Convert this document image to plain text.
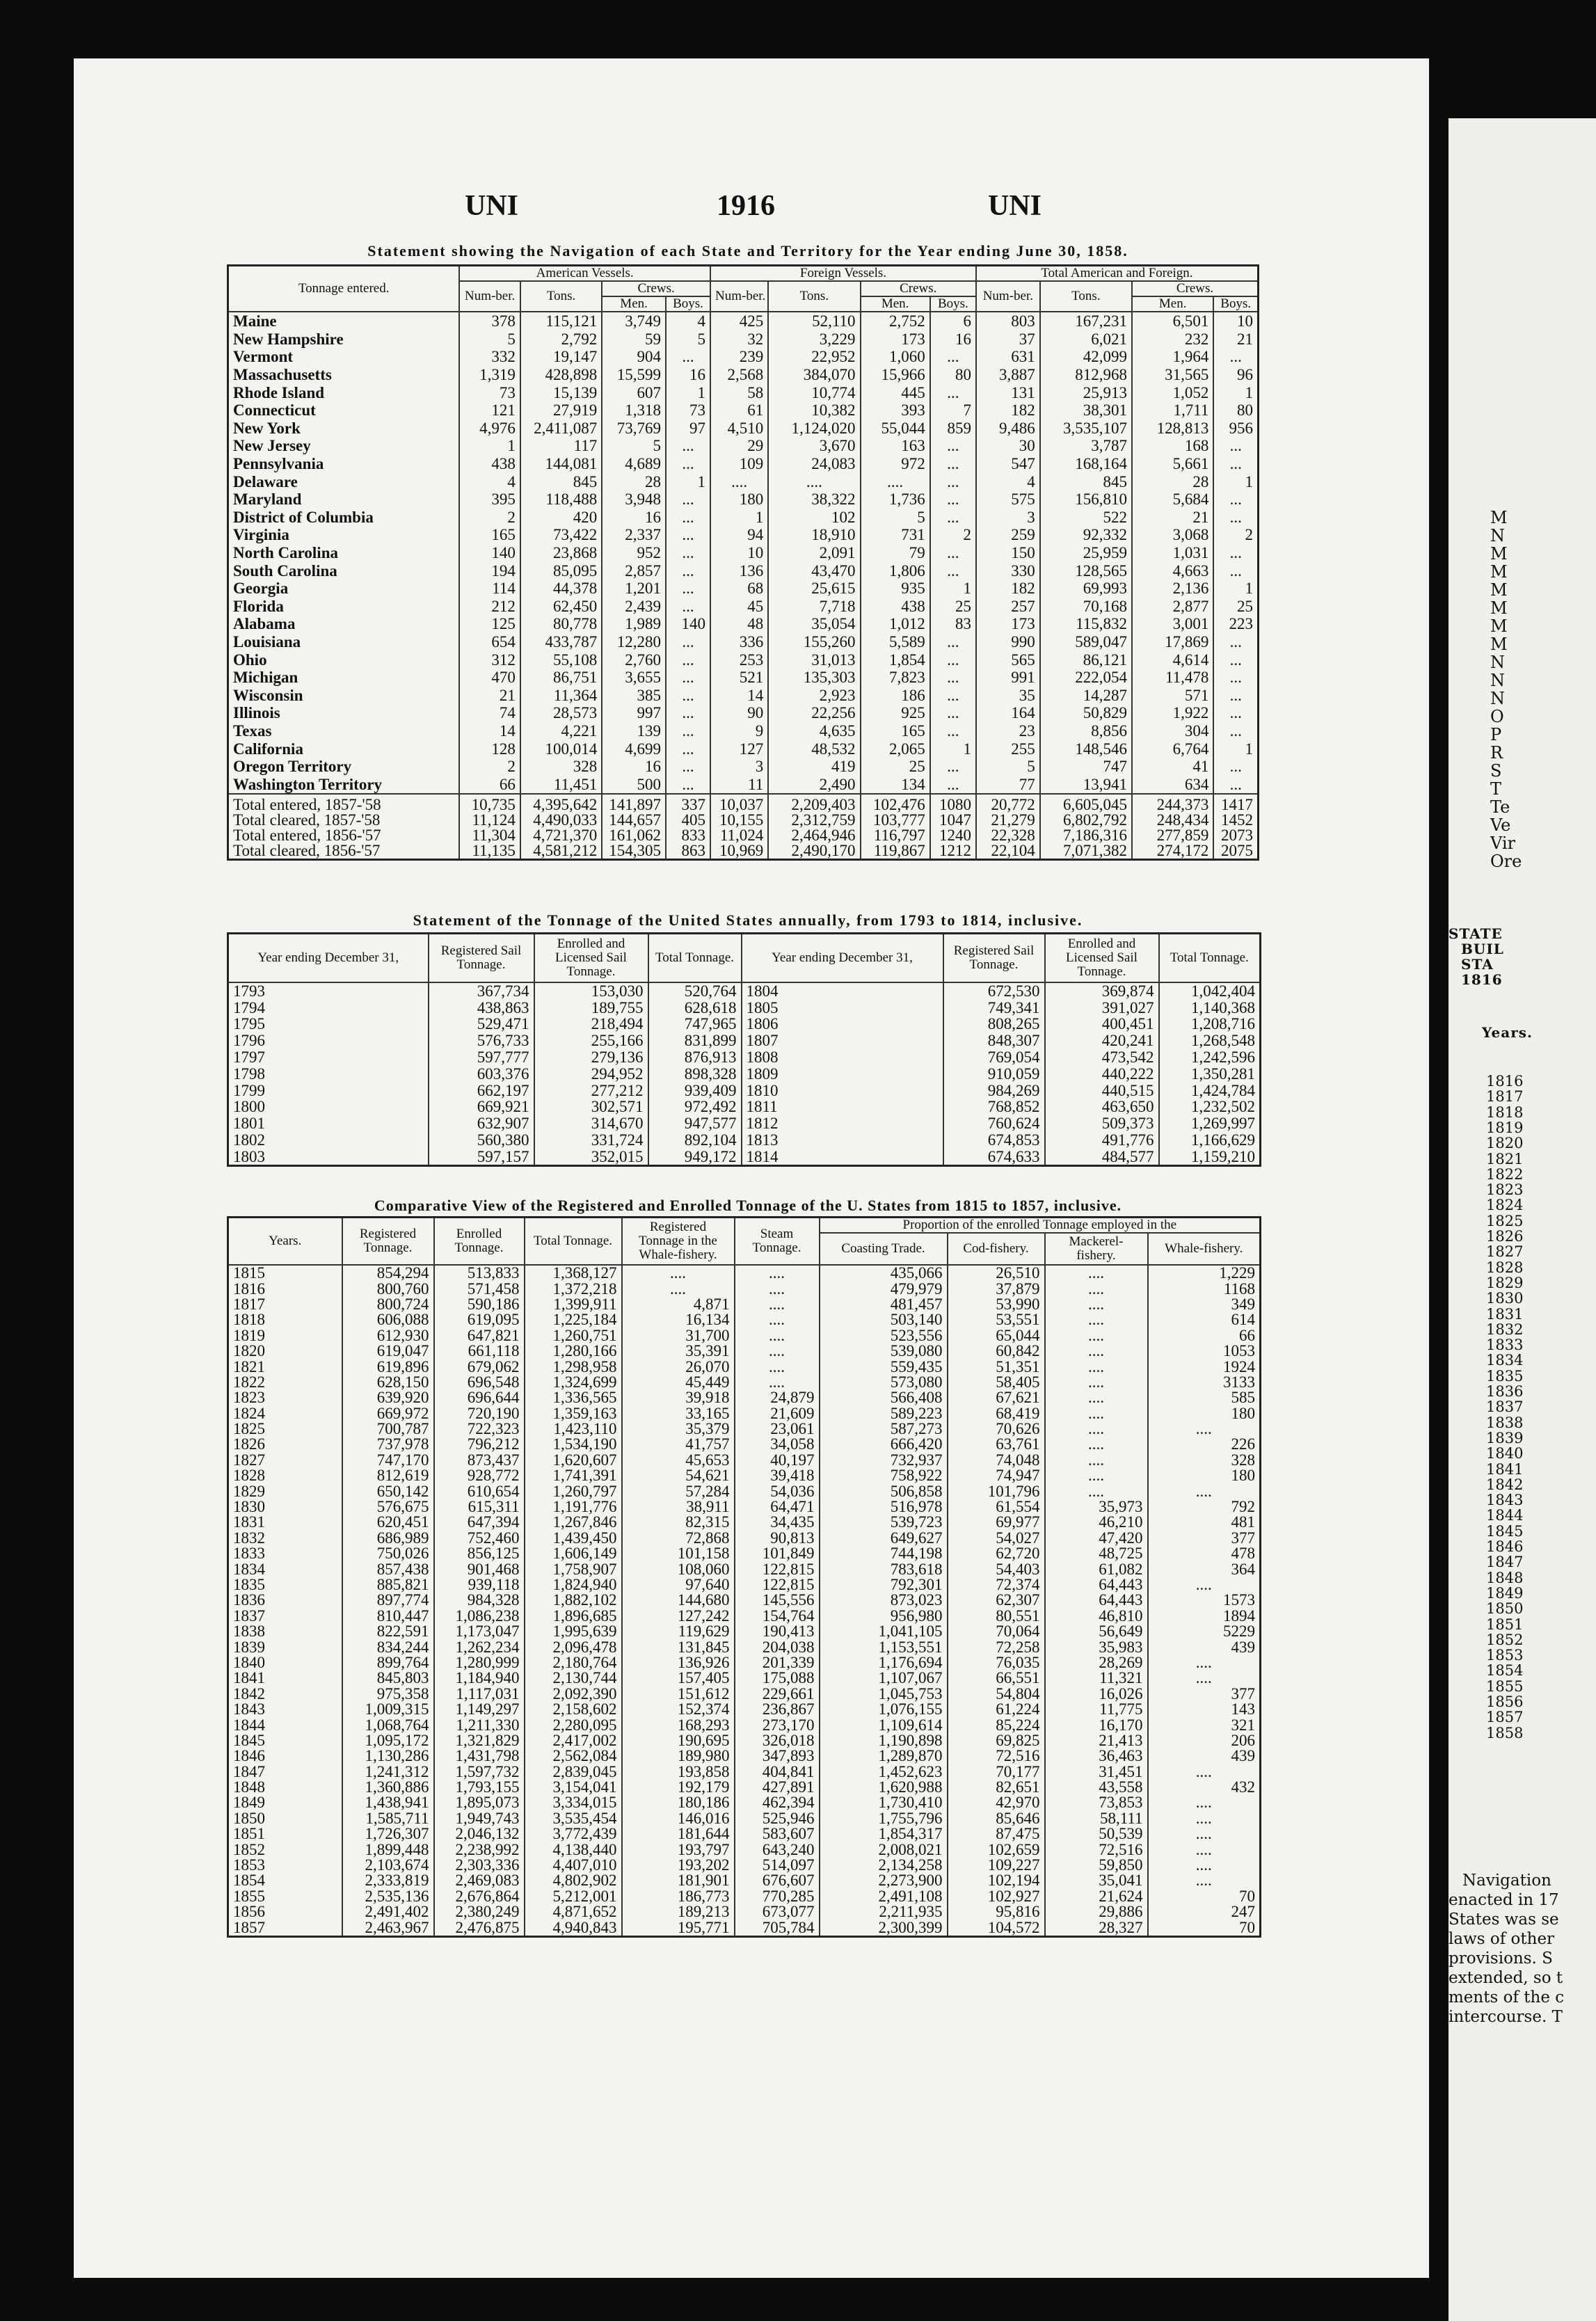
UNI	1916	UNI
Statement showing the Navigation of each State and Territory for the Year ending June 30, 1858.
Tonnage entered.	American Vessels.				Foreign Vessels.				Total American and Foreign.			
	Num-ber.	Tons.	Crews.		Num-ber.	Tons.	Crews.		Num-ber.	Tons.	Crews.	
			Men.	Boys.			Men.	Boys.			Men.	Boys.
Maine	378	115,121	3,749	4	425	52,110	2,752	6	803	167,231	6,501	10
New Hampshire	5	2,792	59	5	32	3,229	173	16	37	6,021	232	21
Vermont	332	19,147	904	...	239	22,952	1,060	...	631	42,099	1,964	...
Massachusetts	1,319	428,898	15,599	16	2,568	384,070	15,966	80	3,887	812,968	31,565	96
Rhode Island	73	15,139	607	1	58	10,774	445	...	131	25,913	1,052	1
Connecticut	121	27,919	1,318	73	61	10,382	393	7	182	38,301	1,711	80
New York	4,976	2,411,087	73,769	97	4,510	1,124,020	55,044	859	9,486	3,535,107	128,813	956
New Jersey	1	117	5	...	29	3,670	163	...	30	3,787	168	...
Pennsylvania	438	144,081	4,689	...	109	24,083	972	...	547	168,164	5,661	...
Delaware	4	845	28	1	....	....	....	...	4	845	28	1
Maryland	395	118,488	3,948	...	180	38,322	1,736	...	575	156,810	5,684	...
District of Columbia	2	420	16	...	1	102	5	...	3	522	21	...
Virginia	165	73,422	2,337	...	94	18,910	731	2	259	92,332	3,068	2
North Carolina	140	23,868	952	...	10	2,091	79	...	150	25,959	1,031	...
South Carolina	194	85,095	2,857	...	136	43,470	1,806	...	330	128,565	4,663	...
Georgia	114	44,378	1,201	...	68	25,615	935	1	182	69,993	2,136	1
Florida	212	62,450	2,439	...	45	7,718	438	25	257	70,168	2,877	25
Alabama	125	80,778	1,989	140	48	35,054	1,012	83	173	115,832	3,001	223
Louisiana	654	433,787	12,280	...	336	155,260	5,589	...	990	589,047	17,869	...
Ohio	312	55,108	2,760	...	253	31,013	1,854	...	565	86,121	4,614	...
Michigan	470	86,751	3,655	...	521	135,303	7,823	...	991	222,054	11,478	...
Wisconsin	21	11,364	385	...	14	2,923	186	...	35	14,287	571	...
Illinois	74	28,573	997	...	90	22,256	925	...	164	50,829	1,922	...
Texas	14	4,221	139	...	9	4,635	165	...	23	8,856	304	...
California	128	100,014	4,699	...	127	48,532	2,065	1	255	148,546	6,764	1
Oregon Territory	2	328	16	...	3	419	25	...	5	747	41	...
Washington Territory	66	11,451	500	...	11	2,490	134	...	77	13,941	634	...
Total entered, 1857-'58	10,735	4,395,642	141,897	337	10,037	2,209,403	102,476	1080	20,772	6,605,045	244,373	1417
Total cleared, 1857-'58	11,124	4,490,033	144,657	405	10,155	2,312,759	103,777	1047	21,279	6,802,792	248,434	1452
Total entered, 1856-'57	11,304	4,721,370	161,062	833	11,024	2,464,946	116,797	1240	22,328	7,186,316	277,859	2073
Total cleared, 1856-'57	11,135	4,581,212	154,305	863	10,969	2,490,170	119,867	1212	22,104	7,071,382	274,172	2075
Statement of the Tonnage of the United States annually, from 1793 to 1814, inclusive.
Year ending December 31,	Registered Sail Tonnage.	Enrolled and Licensed Sail Tonnage.	Total Tonnage.	Year ending December 31,	Registered Sail Tonnage.	Enrolled and Licensed Sail Tonnage.	Total Tonnage.
1793	367,734	153,030	520,764	1804	672,530	369,874	1,042,404
1794	438,863	189,755	628,618	1805	749,341	391,027	1,140,368
1795	529,471	218,494	747,965	1806	808,265	400,451	1,208,716
1796	576,733	255,166	831,899	1807	848,307	420,241	1,268,548
1797	597,777	279,136	876,913	1808	769,054	473,542	1,242,596
1798	603,376	294,952	898,328	1809	910,059	440,222	1,350,281
1799	662,197	277,212	939,409	1810	984,269	440,515	1,424,784
1800	669,921	302,571	972,492	1811	768,852	463,650	1,232,502
1801	632,907	314,670	947,577	1812	760,624	509,373	1,269,997
1802	560,380	331,724	892,104	1813	674,853	491,776	1,166,629
1803	597,157	352,015	949,172	1814	674,633	484,577	1,159,210
Comparative View of the Registered and Enrolled Tonnage of the U. States from 1815 to 1857, inclusive.
Years.	Registered Tonnage.	Enrolled Tonnage.	Total Tonnage.	Registered Tonnage in the Whale-fishery.	Steam Tonnage.	Proportion of the enrolled Tonnage employed in the			
						Coasting Trade.	Cod-fishery.	Mackerel-fishery.	Whale-fishery.
1815	854,294	513,833	1,368,127	....	....	435,066	26,510	....	1,229
1816	800,760	571,458	1,372,218	....	....	479,979	37,879	....	1168
1817	800,724	590,186	1,399,911	4,871	....	481,457	53,990	....	349
1818	606,088	619,095	1,225,184	16,134	....	503,140	53,551	....	614
1819	612,930	647,821	1,260,751	31,700	....	523,556	65,044	....	66
1820	619,047	661,118	1,280,166	35,391	....	539,080	60,842	....	1053
1821	619,896	679,062	1,298,958	26,070	....	559,435	51,351	....	1924
1822	628,150	696,548	1,324,699	45,449	....	573,080	58,405	....	3133
1823	639,920	696,644	1,336,565	39,918	24,879	566,408	67,621	....	585
1824	669,972	720,190	1,359,163	33,165	21,609	589,223	68,419	....	180
1825	700,787	722,323	1,423,110	35,379	23,061	587,273	70,626	....	....
1826	737,978	796,212	1,534,190	41,757	34,058	666,420	63,761	....	226
1827	747,170	873,437	1,620,607	45,653	40,197	732,937	74,048	....	328
1828	812,619	928,772	1,741,391	54,621	39,418	758,922	74,947	....	180
1829	650,142	610,654	1,260,797	57,284	54,036	506,858	101,796	....	....
1830	576,675	615,311	1,191,776	38,911	64,471	516,978	61,554	35,973	792
1831	620,451	647,394	1,267,846	82,315	34,435	539,723	69,977	46,210	481
1832	686,989	752,460	1,439,450	72,868	90,813	649,627	54,027	47,420	377
1833	750,026	856,125	1,606,149	101,158	101,849	744,198	62,720	48,725	478
1834	857,438	901,468	1,758,907	108,060	122,815	783,618	54,403	61,082	364
1835	885,821	939,118	1,824,940	97,640	122,815	792,301	72,374	64,443	....
1836	897,774	984,328	1,882,102	144,680	145,556	873,023	62,307	64,443	1573
1837	810,447	1,086,238	1,896,685	127,242	154,764	956,980	80,551	46,810	1894
1838	822,591	1,173,047	1,995,639	119,629	190,413	1,041,105	70,064	56,649	5229
1839	834,244	1,262,234	2,096,478	131,845	204,038	1,153,551	72,258	35,983	439
1840	899,764	1,280,999	2,180,764	136,926	201,339	1,176,694	76,035	28,269	....
1841	845,803	1,184,940	2,130,744	157,405	175,088	1,107,067	66,551	11,321	....
1842	975,358	1,117,031	2,092,390	151,612	229,661	1,045,753	54,804	16,026	377
1843	1,009,315	1,149,297	2,158,602	152,374	236,867	1,076,155	61,224	11,775	143
1844	1,068,764	1,211,330	2,280,095	168,293	273,170	1,109,614	85,224	16,170	321
1845	1,095,172	1,321,829	2,417,002	190,695	326,018	1,190,898	69,825	21,413	206
1846	1,130,286	1,431,798	2,562,084	189,980	347,893	1,289,870	72,516	36,463	439
1847	1,241,312	1,597,732	2,839,045	193,858	404,841	1,452,623	70,177	31,451	....
1848	1,360,886	1,793,155	3,154,041	192,179	427,891	1,620,988	82,651	43,558	432
1849	1,438,941	1,895,073	3,334,015	180,186	462,394	1,730,410	42,970	73,853	....
1850	1,585,711	1,949,743	3,535,454	146,016	525,946	1,755,796	85,646	58,111	....
1851	1,726,307	2,046,132	3,772,439	181,644	583,607	1,854,317	87,475	50,539	....
1852	1,899,448	2,238,992	4,138,440	193,797	643,240	2,008,021	102,659	72,516	....
1853	2,103,674	2,303,336	4,407,010	193,202	514,097	2,134,258	109,227	59,850	....
1854	2,333,819	2,469,083	4,802,902	181,901	676,607	2,273,900	102,194	35,041	....
1855	2,535,136	2,676,864	5,212,001	186,773	770,285	2,491,108	102,927	21,624	70
1856	2,491,402	2,380,249	4,871,652	189,213	673,077	2,211,935	95,816	29,886	247
1857	2,463,967	2,476,875	4,940,843	195,771	705,784	2,300,399	104,572	28,327	70
M
N
M
M
M
M
M
M
N
N
N
O
P
R
S
T
Te
Ve
Vir
Ore
STATE
BUIL
STA
1816
Years.
1816
1817
1818
1819
1820
1821
1822
1823
1824
1825
1826
1827
1828
1829
1830
1831
1832
1833
1834
1835
1836
1837
1838
1839
1840
1841
1842
1843
1844
1845
1846
1847
1848
1849
1850
1851
1852
1853
1854
1855
1856
1857
1858
Navigation
enacted in 17
States was se
laws of other
provisions. S
extended, so t
ments of the c
intercourse. T
